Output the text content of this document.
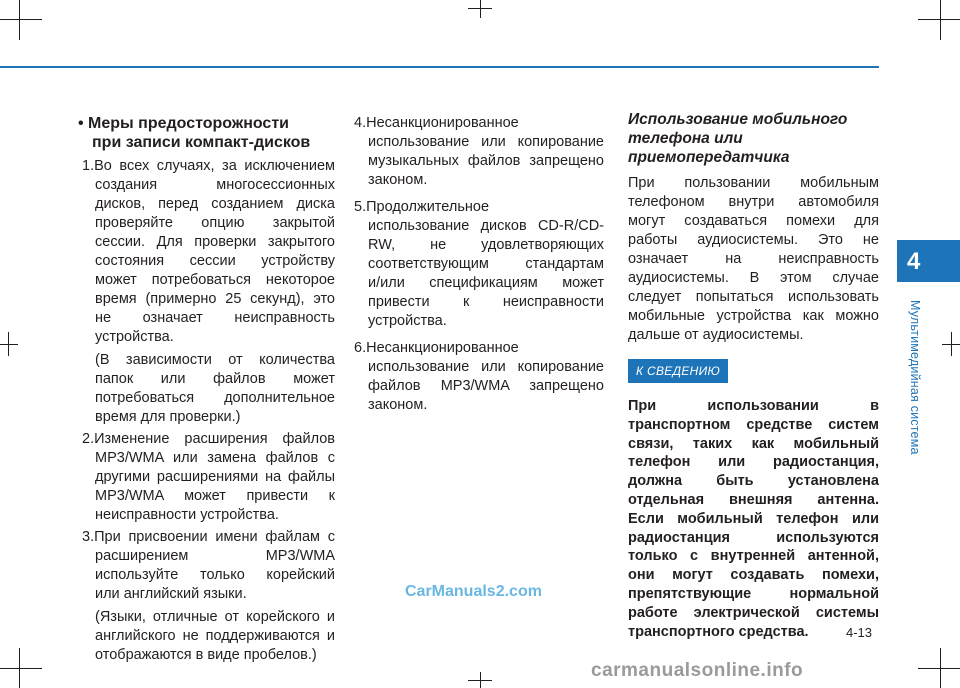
4
Мультимедийная система
• Меры предосторожности
при записи компакт-дисков
1.Во всех случаях, за исключением
создания многосессионных
дисков, перед созданием диска
проверяйте опцию закрытой
сессии. Для проверки закрытого
состояния сессии устройству
может потребоваться некоторое
время (примерно 25 секунд), это
не означает неисправность
устройства.
(В зависимости от количества
папок или файлов может
потребоваться дополнительное
время для проверки.)
2.Изменение расширения файлов
MP3/WMA или замена файлов с
другими расширениями на файлы
MP3/WMA может привести к
неисправности устройства.
3.При присвоении имени файлам с
расширением MP3/WMA
используйте только корейский
или английский языки.
(Языки, отличные от корейского и
английского не поддерживаются и
отображаются в виде пробелов.)
4.Несанкционированное
использование или копирование
музыкальных файлов запрещено
законом.
5.Продолжительное
использование дисков CD-R/CD-
RW, не удовлетворяющих
соответствующим стандартам
и/или спецификациям может
привести к неисправности
устройства.
6.Несанкционированное
использование или копирование
файлов MP3/WMA запрещено
законом.
Использование мобильного
телефона или
приемопередатчика
При пользовании мобильным
телефоном внутри автомобиля
могут создаваться помехи для
работы аудиосистемы. Это не
означает на неисправность
аудиосистемы. В этом случае
следует попытаться использовать
мобильные устройства как можно
дальше от аудиосистемы.
К СВЕДЕНИЮ
При использовании в
транспортном средстве систем
связи, таких как мобильный
телефон или радиостанция,
должна быть установлена
отдельная внешняя антенна.
Если мобильный телефон или
радиостанция используются
только с внутренней антенной,
они могут создавать помехи,
препятствующие нормальной
работе электрической системы
транспортного средства.
CarManuals2.com
4-13
carmanualsonline.info
